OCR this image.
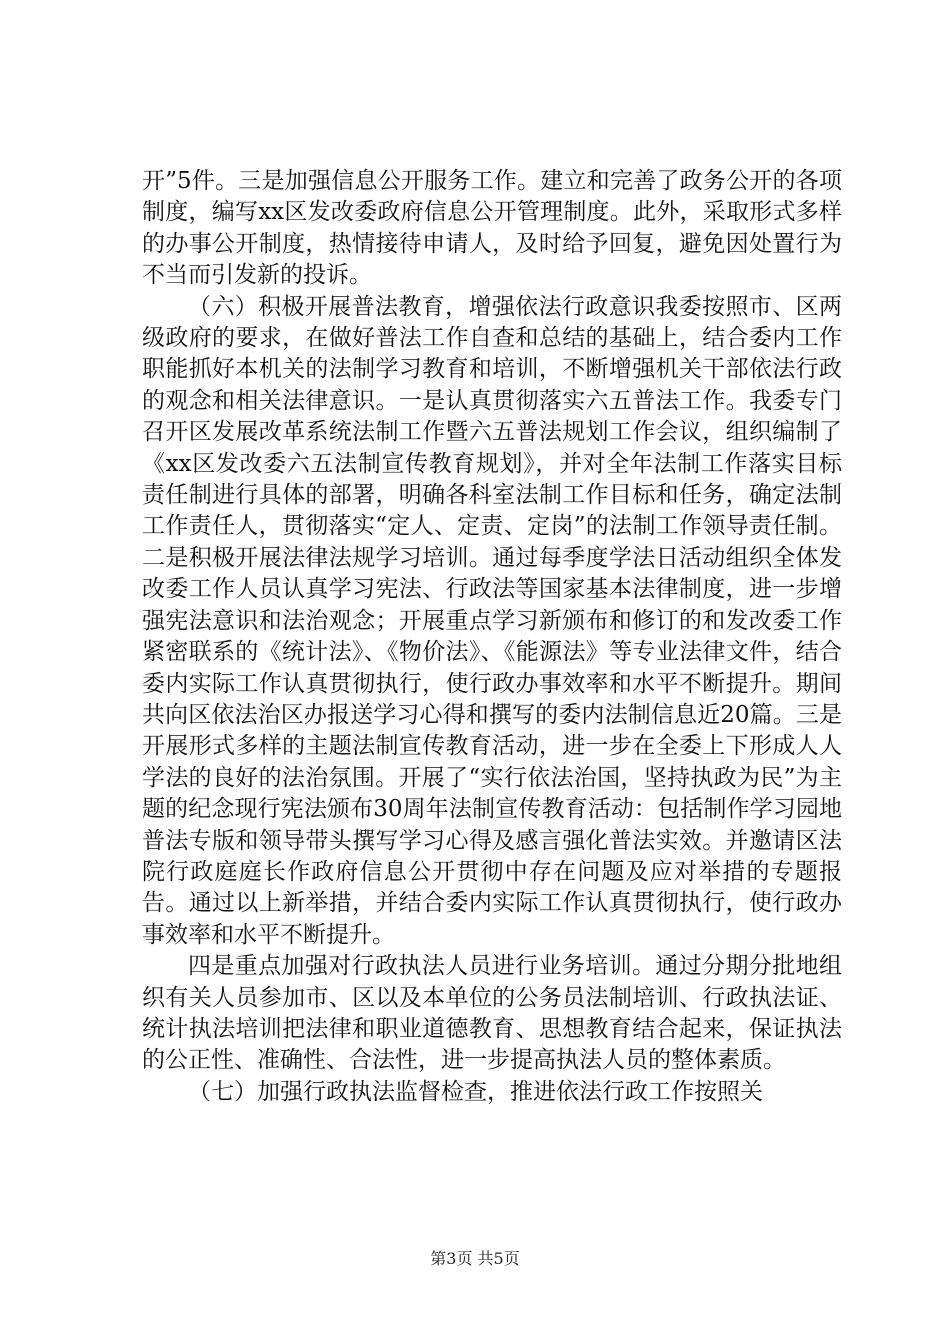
开”5件。三是加强信息公开服务工作。建立和完善了政务公开的各项制度，编写xx区发改委政府信息公开管理制度。此外，采取形式多样的办事公开制度，热情接待申请人，及时给予回复，避免因处置行为不当而引发新的投诉。

（六）积极开展普法教育，增强依法行政意识我委按照市、区两级政府的要求，在做好普法工作自查和总结的基础上，结合委内工作职能抓好本机关的法制学习教育和培训，不断增强机关干部依法行政的观念和相关法律意识。一是认真贯彻落实六五普法工作。我委专门召开区发展改革系统法制工作暨六五普法规划工作会议，组织编制了《xx区发改委六五法制宣传教育规划》，并对全年法制工作落实目标责任制进行具体的部署，明确各科室法制工作目标和任务，确定法制工作责任人，贯彻落实“定人、定责、定岗”的法制工作领导责任制。二是积极开展法律法规学习培训。通过每季度学法日活动组织全体发改委工作人员认真学习宪法、行政法等国家基本法律制度，进一步增强宪法意识和法治观念；开展重点学习新颁布和修订的和发改委工作紧密联系的《统计法》、《物价法》、《能源法》等专业法律文件，结合委内实际工作认真贯彻执行，使行政办事效率和水平不断提升。期间共向区依法治区办报送学习心得和撰写的委内法制信息近20篇。三是开展形式多样的主题法制宣传教育活动，进一步在全委上下形成人人学法的良好的法治氛围。开展了“实行依法治国，坚持执政为民”为主题的纪念现行宪法颁布30周年法制宣传教育活动：包括制作学习园地普法专版和领导带头撰写学习心得及感言强化普法实效。并邀请区法院行政庭庭长作政府信息公开贯彻中存在问题及应对举措的专题报告。通过以上新举措，并结合委内实际工作认真贯彻执行，使行政办事效率和水平不断提升。

四是重点加强对行政执法人员进行业务培训。通过分期分批地组织有关人员参加市、区以及本单位的公务员法制培训、行政执法证、统计执法培训把法律和职业道德教育、思想教育结合起来，保证执法的公正性、准确性、合法性，进一步提高执法人员的整体素质。

（七）加强行政执法监督检查，推进依法行政工作按照关

第3页 共5页
